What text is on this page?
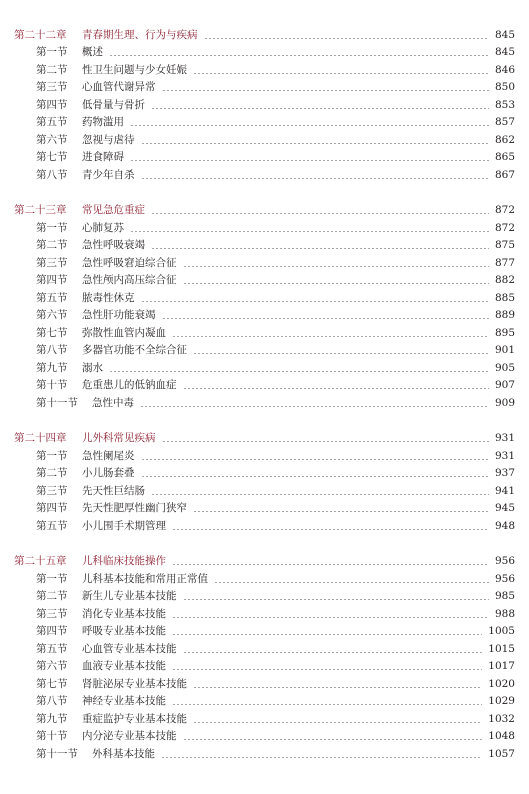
第二十二章 青春期生理、行为与疾病	845
第一节 概述	845
第二节 性卫生问题与少女妊娠	846
第三节 心血管代谢异常	850
第四节 低骨量与骨折	853
第五节 药物滥用	857
第六节 忽视与虐待	862
第七节 进食障碍	865
第八节 青少年自杀	867
第二十三章 常见急危重症	872
第一节 心肺复苏	872
第二节 急性呼吸衰竭	875
第三节 急性呼吸窘迫综合征	877
第四节 急性颅内高压综合征	882
第五节 脓毒性休克	885
第六节 急性肝功能衰竭	889
第七节 弥散性血管内凝血	895
第八节 多器官功能不全综合征	901
第九节 溺水	905
第十节 危重患儿的低钠血症	907
第十一节 急性中毒	909
第二十四章 儿外科常见疾病	931
第一节 急性阑尾炎	931
第二节 小儿肠套叠	937
第三节 先天性巨结肠	941
第四节 先天性肥厚性幽门狭窄	945
第五节 小儿围手术期管理	948
第二十五章 儿科临床技能操作	956
第一节 儿科基本技能和常用正常值	956
第二节 新生儿专业基本技能	985
第三节 消化专业基本技能	988
第四节 呼吸专业基本技能	1005
第五节 心血管专业基本技能	1015
第六节 血液专业基本技能	1017
第七节 肾脏泌尿专业基本技能	1020
第八节 神经专业基本技能	1029
第九节 重症监护专业基本技能	1032
第十节 内分泌专业基本技能	1048
第十一节 外科基本技能	1057
